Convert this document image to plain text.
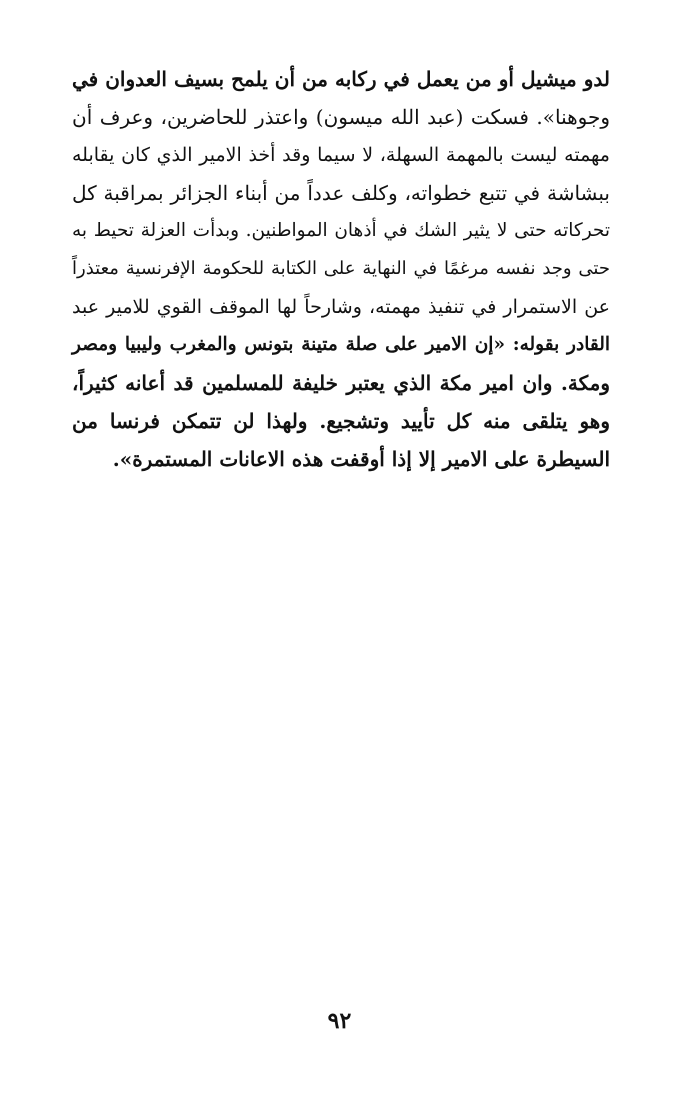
لدو ميشيل أو من يعمل في ركابه من أن يلمح بسيف العدوان في
وجوهنا». فسكت (عبد الله ميسون) واعتذر للحاضرين، وعرف أن
مهمته ليست بالمهمة السهلة، لا سيما وقد أخذ الامير الذي كان يقابله
ببشاشة في تتبع خطواته، وكلف عدداً من أبناء الجزائر بمراقبة كل
تحركاته حتى لا يثير الشك في أذهان المواطنين. وبدأت العزلة تحيط به
حتى وجد نفسه مرغمًا في النهاية على الكتابة للحكومة الإفرنسية معتذراً
عن الاستمرار في تنفيذ مهمته، وشارحاً لها الموقف القوي للامير عبد
القادر بقوله: «إن الامير على صلة متينة بتونس والمغرب وليبيا ومصر
ومكة. وان امير مكة الذي يعتبر خليفة للمسلمين قد أعانه كثيراً،
وهو يتلقى منه كل تأييد وتشجيع. ولهذا لن تتمكن فرنسا من
السيطرة على الامير إلا إذا أوقفت هذه الاعانات المستمرة».
٩٢
